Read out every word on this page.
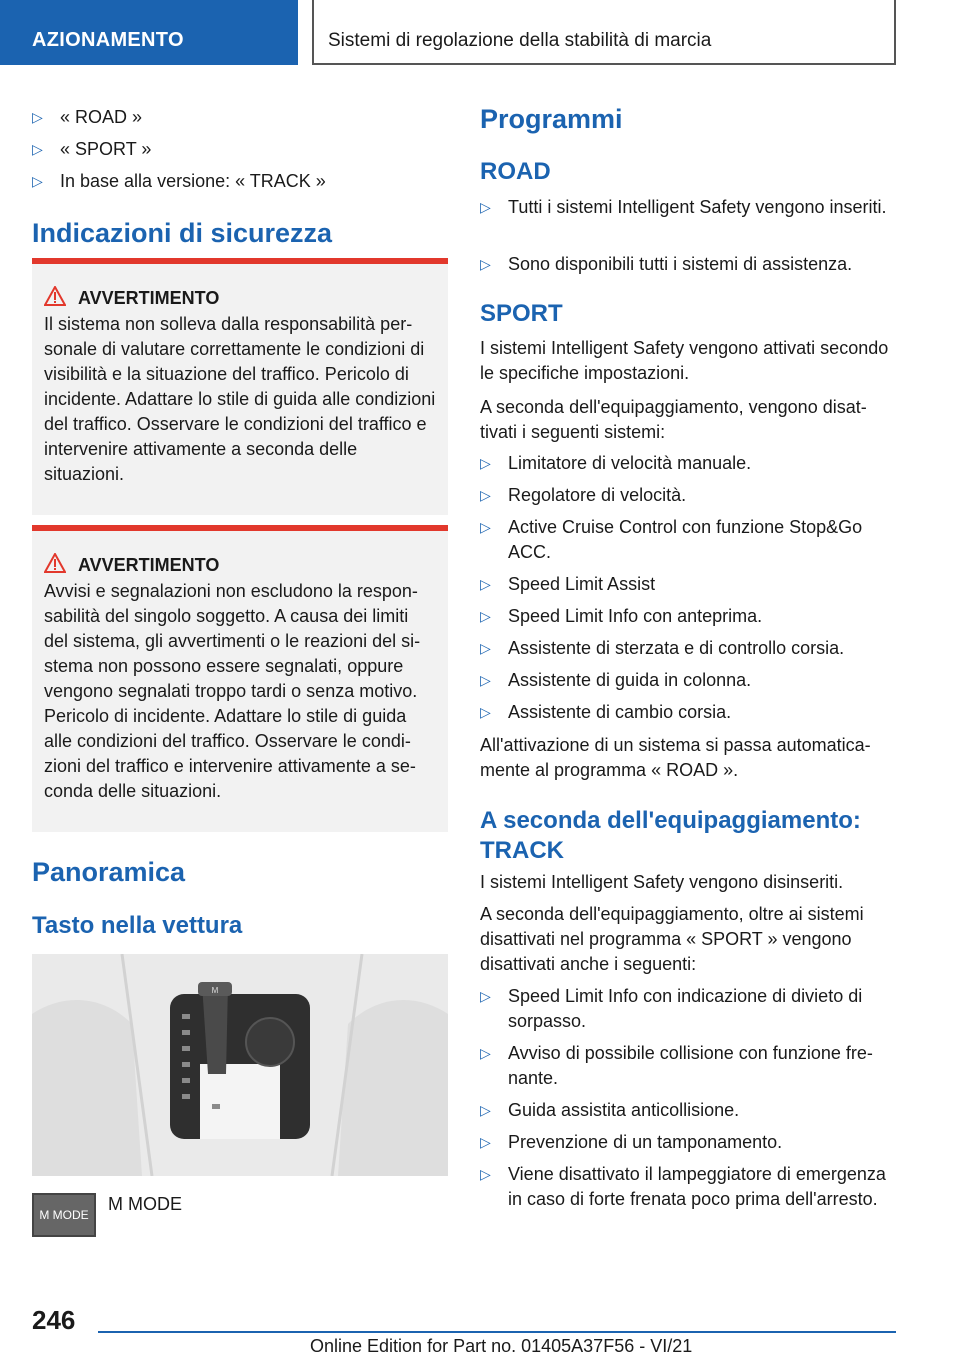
AZIONAMENTO	Sistemi di regolazione della stabilità di marcia
▷ « ROAD »
▷ « SPORT »
▷ In base alla versione: « TRACK »
Indicazioni di sicurezza
AVVERTIMENTO
Il sistema non solleva dalla responsabilità personale di valutare correttamente le condizioni di visibilità e la situazione del traffico. Pericolo di incidente. Adattare lo stile di guida alle condizioni del traffico. Osservare le condizioni del traffico e intervenire attivamente a seconda delle situazioni.
AVVERTIMENTO
Avvisi e segnalazioni non escludono la responsabilità del singolo soggetto. A causa dei limiti del sistema, gli avvertimenti o le reazioni del sistema non possono essere segnalati, oppure vengono segnalati troppo tardi o senza motivo. Pericolo di incidente. Adattare lo stile di guida alle condizioni del traffico. Osservare le condizioni del traffico e intervenire attivamente a seconda delle situazioni.
Panoramica
Tasto nella vettura
M
M MODE
M MODE
Programmi
ROAD
▷ Tutti i sistemi Intelligent Safety vengono inseriti.
▷ Sono disponibili tutti i sistemi di assistenza.
SPORT
I sistemi Intelligent Safety vengono attivati secondo le specifiche impostazioni.
A seconda dell'equipaggiamento, vengono disattivati i seguenti sistemi:
▷ Limitatore di velocità manuale.
▷ Regolatore di velocità.
▷ Active Cruise Control con funzione Stop&Go ACC.
▷ Speed Limit Assist
▷ Speed Limit Info con anteprima.
▷ Assistente di sterzata e di controllo corsia.
▷ Assistente di guida in colonna.
▷ Assistente di cambio corsia.
All'attivazione di un sistema si passa automaticamente al programma « ROAD ».
A seconda dell'equipaggiamento: TRACK
I sistemi Intelligent Safety vengono disinseriti.
A seconda dell'equipaggiamento, oltre ai sistemi disattivati nel programma « SPORT » vengono disattivati anche i seguenti:
▷ Speed Limit Info con indicazione di divieto di sorpasso.
▷ Avviso di possibile collisione con funzione frenante.
▷ Guida assistita anticollisione.
▷ Prevenzione di un tamponamento.
▷ Viene disattivato il lampeggiatore di emergenza in caso di forte frenata poco prima dell'arresto.
246
Online Edition for Part no. 01405A37F56 - VI/21
